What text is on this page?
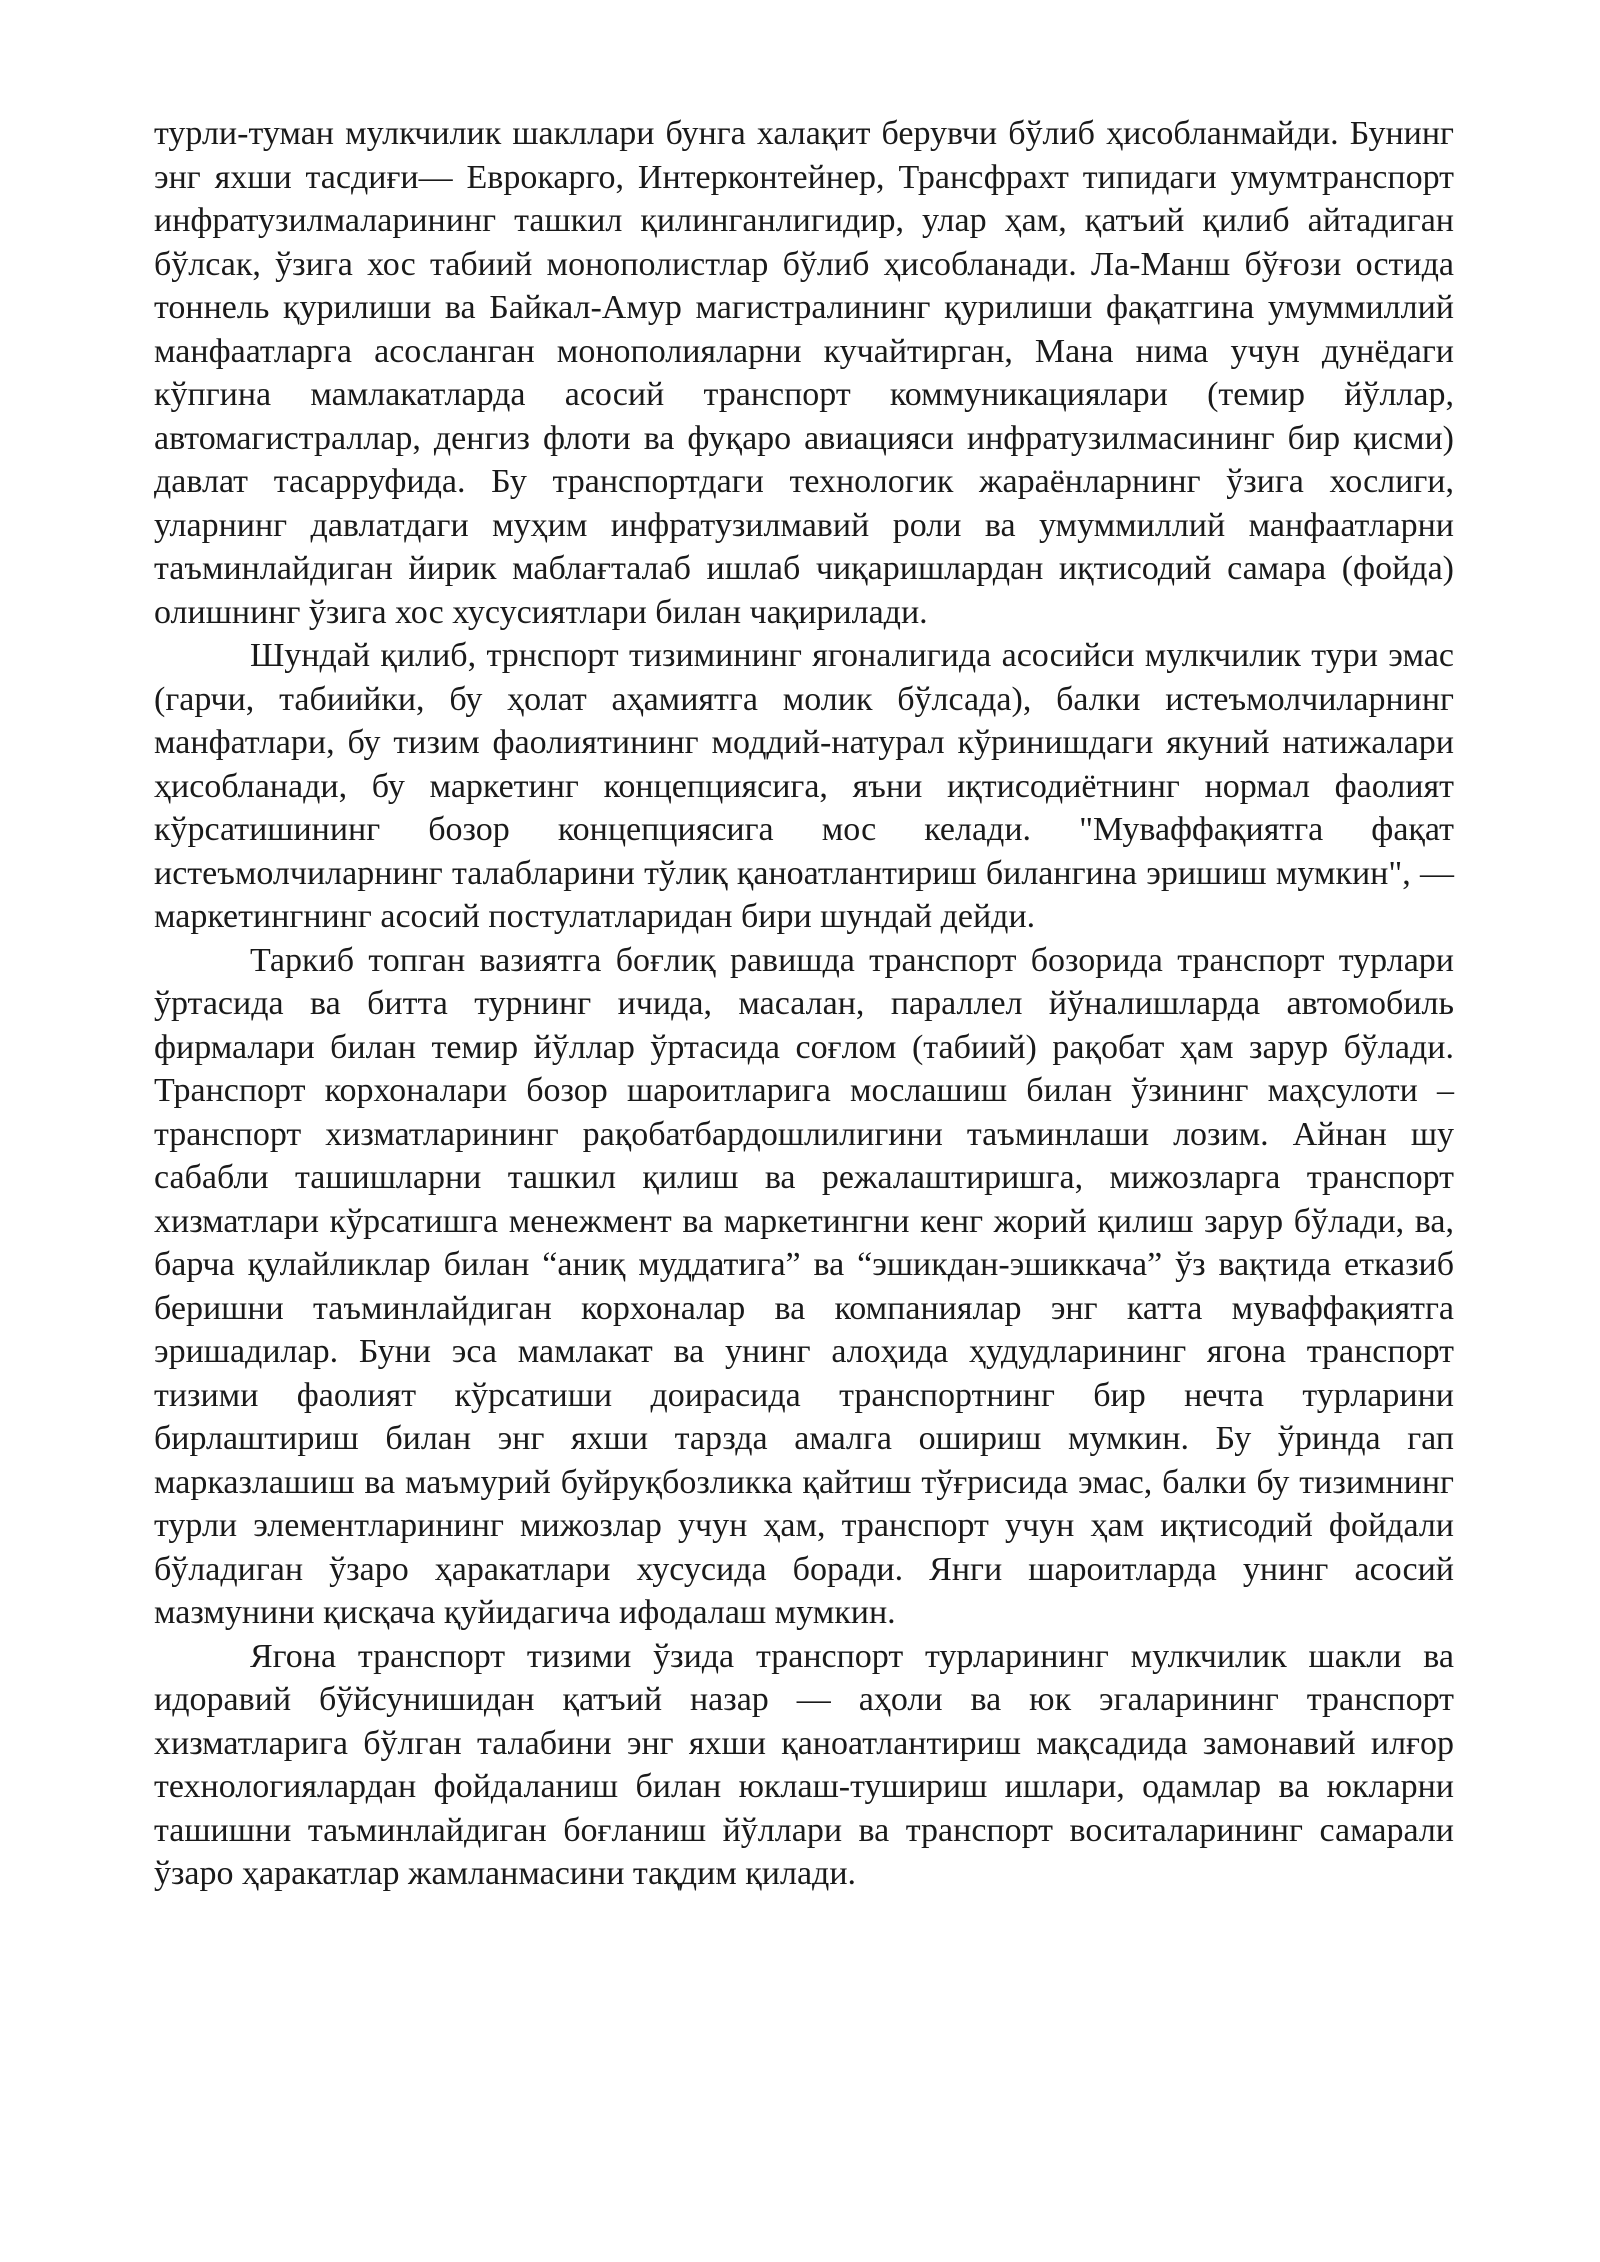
турли-туман мулкчилик шакллари бунга халақит берувчи бўлиб ҳисобланмайди. Бунинг энг яхши тасдиғи— Еврокарго, Интерконтейнер, Трансфрахт типидаги умумтранспорт инфратузилмаларининг ташкил қилинганлигидир, улар ҳам, қатъий қилиб айтадиган бўлсак, ўзига хос табиий монополистлар бўлиб ҳисобланади. Ла-Манш бўғози остида тоннель қурилиши ва Байкал-Амур магистралининг қурилиши фақатгина умуммиллий манфаатларга асосланган монополияларни кучайтирган, Мана нима учун дунёдаги кўпгина мамлакатларда асосий транспорт коммуникациялари (темир йўллар, автомагистраллар, денгиз флоти ва фуқаро авиацияси инфратузилмасининг бир қисми) давлат тасарруфида. Бу транспортдаги технологик жараёнларнинг ўзига хослиги, уларнинг давлатдаги муҳим инфратузилмавий роли ва умуммиллий манфаатларни таъминлайдиган йирик маблағталаб ишлаб чиқаришлардан иқтисодий самара (фойда) олишнинг ўзига хос хусусиятлари билан чақирилади.

Шундай қилиб, трнспорт тизимининг ягоналигида асосийси мулкчилик тури эмас (гарчи, табиийки, бу ҳолат аҳамиятга молик бўлсада), балки истеъмолчиларнинг манфатлари, бу тизим фаолиятининг моддий-натурал кўринишдаги якуний натижалари ҳисобланади, бу маркетинг концепциясига, яъни иқтисодиётнинг нормал фаолият кўрсатишининг бозор концепциясига мос келади. "Муваффақиятга фақат истеъмолчиларнинг талабларини тўлиқ қаноатлантириш билангина эришиш мумкин", — маркетингнинг асосий постулатларидан бири шундай дейди.

Таркиб топган вазиятга боғлиқ равишда транспорт бозорида транспорт турлари ўртасида ва битта турнинг ичида, масалан, параллел йўналишларда автомобиль фирмалари билан темир йўллар ўртасида соғлом (табиий) рақобат ҳам зарур бўлади. Транспорт корхоналари бозор шароитларига мослашиш билан ўзининг маҳсулоти – транспорт хизматларининг рақобатбардошлилигини таъминлаши лозим. Айнан шу сабабли ташишларни ташкил қилиш ва режалаштиришга, мижозларга транспорт хизматлари кўрсатишга менежмент ва маркетингни кенг жорий қилиш зарур бўлади, ва, барча қулайликлар билан “аниқ муддатига” ва “эшикдан-эшиккача” ўз вақтида етказиб беришни таъминлайдиган корхоналар ва компаниялар энг катта муваффақиятга эришадилар. Буни эса мамлакат ва унинг алоҳида ҳудудларининг ягона транспорт тизими фаолият кўрсатиши доирасида транспортнинг бир нечта турларини бирлаштириш билан энг яхши тарзда амалга ошириш мумкин. Бу ўринда гап марказлашиш ва маъмурий буйруқбозликка қайтиш тўғрисида эмас, балки бу тизимнинг турли элементларининг мижозлар учун ҳам, транспорт учун ҳам иқтисодий фойдали бўладиган ўзаро ҳаракатлари хусусида боради. Янги шароитларда унинг асосий мазмунини қисқача қуйидагича ифодалаш мумкин.

Ягона транспорт тизими ўзида транспорт турларининг мулкчилик шакли ва идоравий бўйсунишидан қатъий назар — аҳоли ва юк эгаларининг транспорт хизматларига бўлган талабини энг яхши қаноатлантириш мақсадида замонавий илғор технологиялардан фойдаланиш билан юклаш-тушириш ишлари, одамлар ва юкларни ташишни таъминлайдиган боғланиш йўллари ва транспорт воситаларининг самарали ўзаро ҳаракатлар жамланмасини тақдим қилади.
